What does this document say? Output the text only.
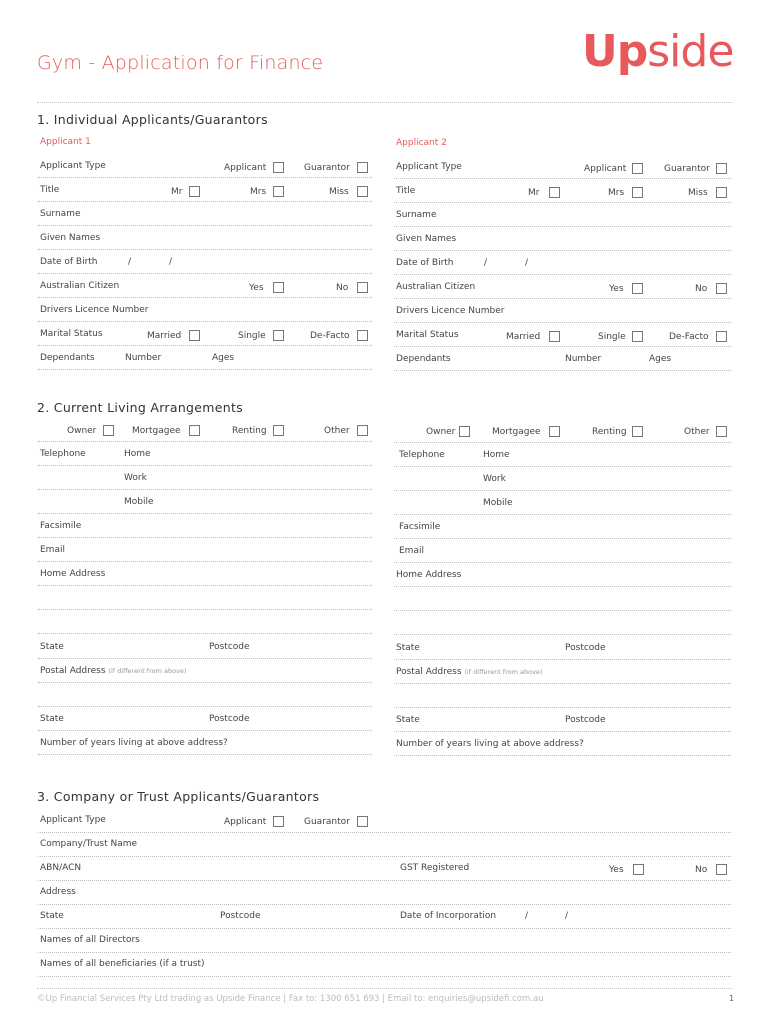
Gym - Application for Finance	Upside
1. Individual Applicants/Guarantors
Applicant 1
Applicant Type	Applicant	Guarantor
Title	Mr	Mrs	Miss
Surname
Given Names
Date of Birth	/	/
Australian Citizen	Yes	No
Drivers Licence Number
Marital Status	Married	Single	De-Facto
Dependants	Number	Ages
Applicant 2
Applicant Type	Applicant	Guarantor
Title	Mr	Mrs	Miss
Surname
Given Names
Date of Birth	/	/
Australian Citizen	Yes	No
Drivers Licence Number
Marital Status	Married	Single	De-Facto
Dependants	Number	Ages
Owner	Mortgagee	Renting	Other
Telephone	Home
Work
Mobile
Facsimile
Email
Home Address
State	Postcode
Postal Address (if different from above)
State	Postcode
Number of years living at above address?
Owner	Mortgagee	Renting	Other
Telephone	Home
Work
Mobile
Facsimile
Email
Home Address
State	Postcode
Postal Address (if different from above)
State	Postcode
Number of years living at above address?
Applicant Type	Applicant	Guarantor
Company/Trust Name
ABN/ACN	GST Registered	Yes	No
Address
State	Postcode	Date of Incorporation	/	/
Names of all Directors
Names of all beneficiaries (if a trust)
2. Current Living Arrangements
3. Company or Trust Applicants/Guarantors
©Up Financial Services Pty Ltd trading as Upside Finance | Fax to: 1300 651 693 | Email to: enquiries@upsidefi.com.au	1
